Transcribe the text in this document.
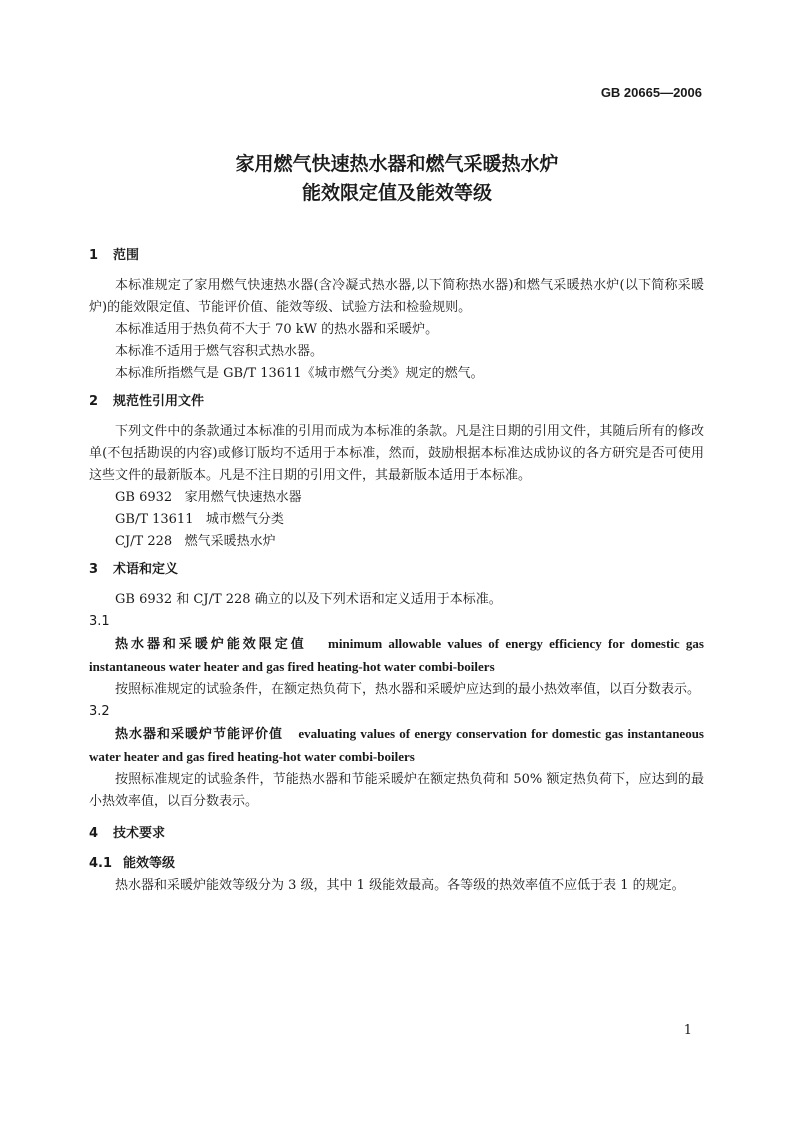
GB 20665—2006
家用燃气快速热水器和燃气采暖热水炉
能效限定值及能效等级

1 范围

本标准规定了家用燃气快速热水器(含冷凝式热水器,以下简称热水器)和燃气采暖热水炉(以下简称采暖炉)的能效限定值、节能评价值、能效等级、试验方法和检验规则。

本标准适用于热负荷不大于 70 kW 的热水器和采暖炉。

本标准不适用于燃气容积式热水器。

本标准所指燃气是 GB/T 13611《城市燃气分类》规定的燃气。

2 规范性引用文件

下列文件中的条款通过本标准的引用而成为本标准的条款。凡是注日期的引用文件，其随后所有的修改单(不包括勘误的内容)或修订版均不适用于本标准，然而，鼓励根据本标准达成协议的各方研究是否可使用这些文件的最新版本。凡是不注日期的引用文件，其最新版本适用于本标准。

GB 6932 家用燃气快速热水器

GB/T 13611 城市燃气分类

CJ/T 228 燃气采暖热水炉

3 术语和定义

GB 6932 和 CJ/T 228 确立的以及下列术语和定义适用于本标准。

3.1

热水器和采暖炉能效限定值 minimum allowable values of energy efficiency for domestic gas instantaneous water heater and gas fired heating-hot water combi-boilers

按照标准规定的试验条件，在额定热负荷下，热水器和采暖炉应达到的最小热效率值，以百分数表示。

3.2

热水器和采暖炉节能评价值 evaluating values of energy conservation for domestic gas instantaneous water heater and gas fired heating-hot water combi-boilers

按照标准规定的试验条件，节能热水器和节能采暖炉在额定热负荷和 50% 额定热负荷下，应达到的最小热效率值，以百分数表示。

4 技术要求

4.1 能效等级

热水器和采暖炉能效等级分为 3 级，其中 1 级能效最高。各等级的热效率值不应低于表 1 的规定。

1
